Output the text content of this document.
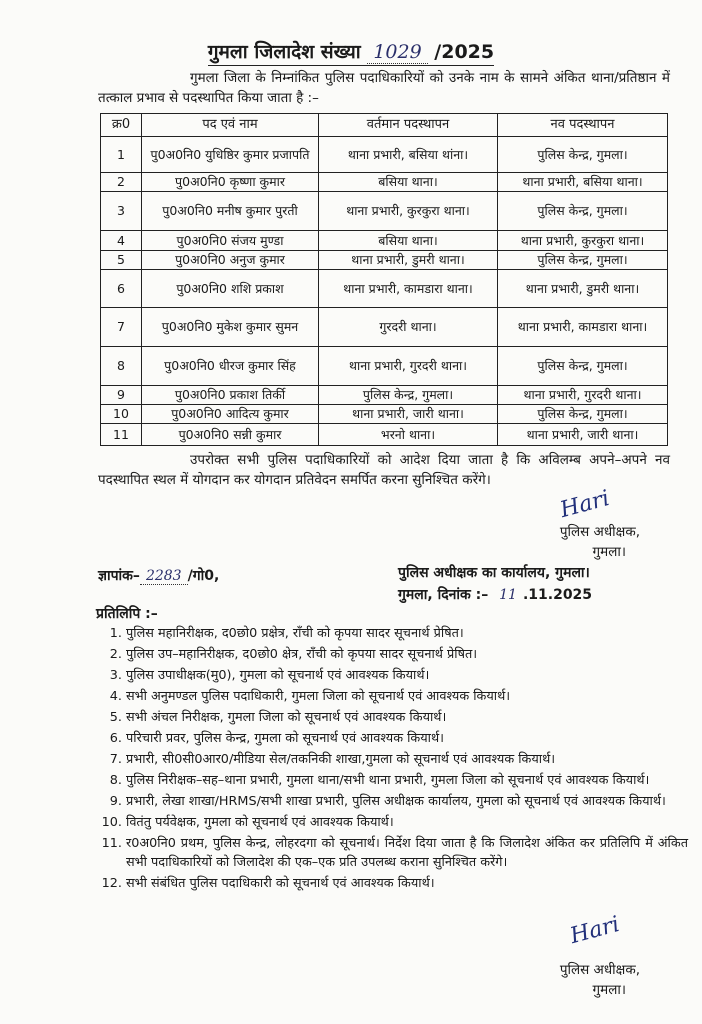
गुमला जिलादेश संख्या 1029 /2025
गुमला जिला के निम्नांकित पुलिस पदाधिकारियों को उनके नाम के सामने अंकित थाना/प्रतिष्ठान में तत्काल प्रभाव से पदस्थापित किया जाता है :–
क्र0	पद एवं नाम	वर्तमान पदस्थापन	नव पदस्थापन
1	पु0अ0नि0 युधिष्ठिर कुमार प्रजापति	थाना प्रभारी, बसिया थांना।	पुलिस केन्द्र, गुमला।
2	पु0अ0नि0 कृष्णा कुमार	बसिया थाना।	थाना प्रभारी, बसिया थाना।
3	पु0अ0नि0 मनीष कुमार पुरती	थाना प्रभारी, कुरकुरा थाना।	पुलिस केन्द्र, गुमला।
4	पु0अ0नि0 संजय मुण्डा	बसिया थाना।	थाना प्रभारी, कुरकुरा थाना।
5	पु0अ0नि0 अनुज कुमार	थाना प्रभारी, डुमरी थाना।	पुलिस केन्द्र, गुमला।
6	पु0अ0नि0 शशि प्रकाश	थाना प्रभारी, कामडारा थाना।	थाना प्रभारी, डुमरी थाना।
7	पु0अ0नि0 मुकेश कुमार सुमन	गुरदरी थाना।	थाना प्रभारी, कामडारा थाना।
8	पु0अ0नि0 धीरज कुमार सिंह	थाना प्रभारी, गुरदरी थाना।	पुलिस केन्द्र, गुमला।
9	पु0अ0नि0 प्रकाश तिर्की	पुलिस केन्द्र, गुमला।	थाना प्रभारी, गुरदरी थाना।
10	पु0अ0नि0 आदित्य कुमार	थाना प्रभारी, जारी थाना।	पुलिस केन्द्र, गुमला।
11	पु0अ0नि0 सन्नी कुमार	भरनो थाना।	थाना प्रभारी, जारी थाना।
उपरोक्त सभी पुलिस पदाधिकारियों को आदेश दिया जाता है कि अविलम्ब अपने–अपने नव पदस्थापित स्थल में योगदान कर योगदान प्रतिवेदन समर्पित करना सुनिश्चित करेंगे।
Hari
पुलिस अधीक्षक,
गुमला।
ज्ञापांक– 2283 /गो0,	पुलिस अधीक्षक का कार्यालय, गुमला।
गुमला, दिनांक :– 11 .11.2025
प्रतिलिपि :–
1. पुलिस महानिरीक्षक, द0छो0 प्रक्षेत्र, रॉंची को कृपया सादर सूचनार्थ प्रेषित।
2. पुलिस उप–महानिरीक्षक, द0छो0 क्षेत्र, रॉंची को कृपया सादर सूचनार्थ प्रेषित।
3. पुलिस उपाधीक्षक(मु0), गुमला को सूचनार्थ एवं आवश्यक कियार्थ।
4. सभी अनुमण्डल पुलिस पदाधिकारी, गुमला जिला को सूचनार्थ एवं आवश्यक कियार्थ।
5. सभी अंचल निरीक्षक, गुमला जिला को सूचनार्थ एवं आवश्यक कियार्थ।
6. परिचारी प्रवर, पुलिस केन्द्र, गुमला को सूचनार्थ एवं आवश्यक कियार्थ।
7. प्रभारी, सी0सी0आर0/मीडिया सेल/तकनिकी शाखा,गुमला को सूचनार्थ एवं आवश्यक कियार्थ।
8. पुलिस निरीक्षक–सह–थाना प्रभारी, गुमला थाना/सभी थाना प्रभारी, गुमला जिला को सूचनार्थ एवं आवश्यक कियार्थ।
9. प्रभारी, लेखा शाखा/HRMS/सभी शाखा प्रभारी, पुलिस अधीक्षक कार्यालय, गुमला को सूचनार्थ एवं आवश्यक कियार्थ।
10. वितंतु पर्यवेक्षक, गुमला को सूचनार्थ एवं आवश्यक कियार्थ।
11. र0अ0नि0 प्रथम, पुलिस केन्द्र, लोहरदगा को सूचनार्थ। निर्देश दिया जाता है कि जिलादेश अंकित कर प्रतिलिपि में अंकित सभी पदाधिकारियों को जिलादेश की एक–एक प्रति उपलब्ध कराना सुनिश्चित करेंगे।
12. सभी संबंधित पुलिस पदाधिकारी को सूचनार्थ एवं आवश्यक कियार्थ।
Hari
पुलिस अधीक्षक,
गुमला।
